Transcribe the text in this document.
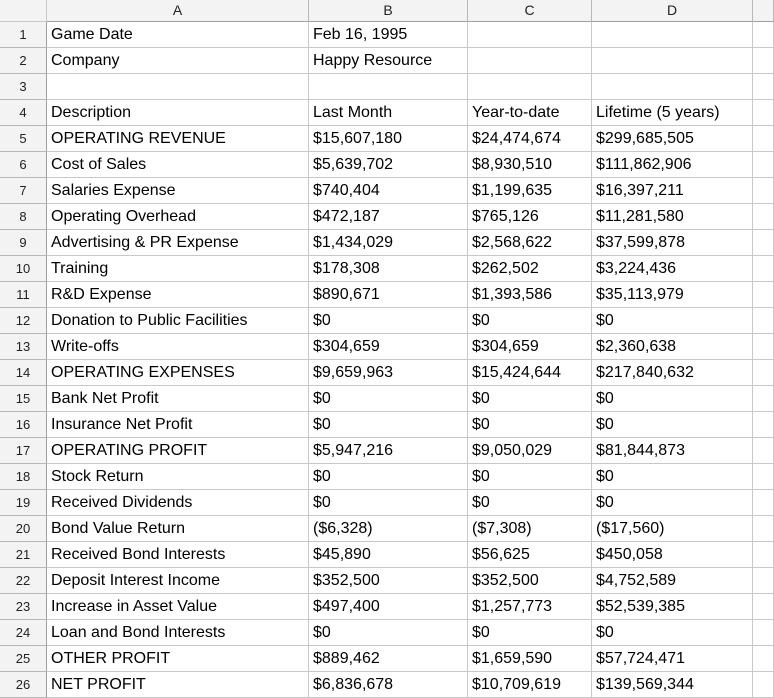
A	B	C	D
1	Game Date	Feb 16, 1995
2	Company	Happy Resource
3
4	Description	Last Month	Year-to-date	Lifetime (5 years)
5	OPERATING REVENUE	$15,607,180	$24,474,674	$299,685,505
6	Cost of Sales	$5,639,702	$8,930,510	$111,862,906
7	Salaries Expense	$740,404	$1,199,635	$16,397,211
8	Operating Overhead	$472,187	$765,126	$11,281,580
9	Advertising & PR Expense	$1,434,029	$2,568,622	$37,599,878
10	Training	$178,308	$262,502	$3,224,436
11	R&D Expense	$890,671	$1,393,586	$35,113,979
12	Donation to Public Facilities	$0	$0	$0
13	Write-offs	$304,659	$304,659	$2,360,638
14	OPERATING EXPENSES	$9,659,963	$15,424,644	$217,840,632
15	Bank Net Profit	$0	$0	$0
16	Insurance Net Profit	$0	$0	$0
17	OPERATING PROFIT	$5,947,216	$9,050,029	$81,844,873
18	Stock Return	$0	$0	$0
19	Received Dividends	$0	$0	$0
20	Bond Value Return	($6,328)	($7,308)	($17,560)
21	Received Bond Interests	$45,890	$56,625	$450,058
22	Deposit Interest Income	$352,500	$352,500	$4,752,589
23	Increase in Asset Value	$497,400	$1,257,773	$52,539,385
24	Loan and Bond Interests	$0	$0	$0
25	OTHER PROFIT	$889,462	$1,659,590	$57,724,471
26	NET PROFIT	$6,836,678	$10,709,619	$139,569,344
